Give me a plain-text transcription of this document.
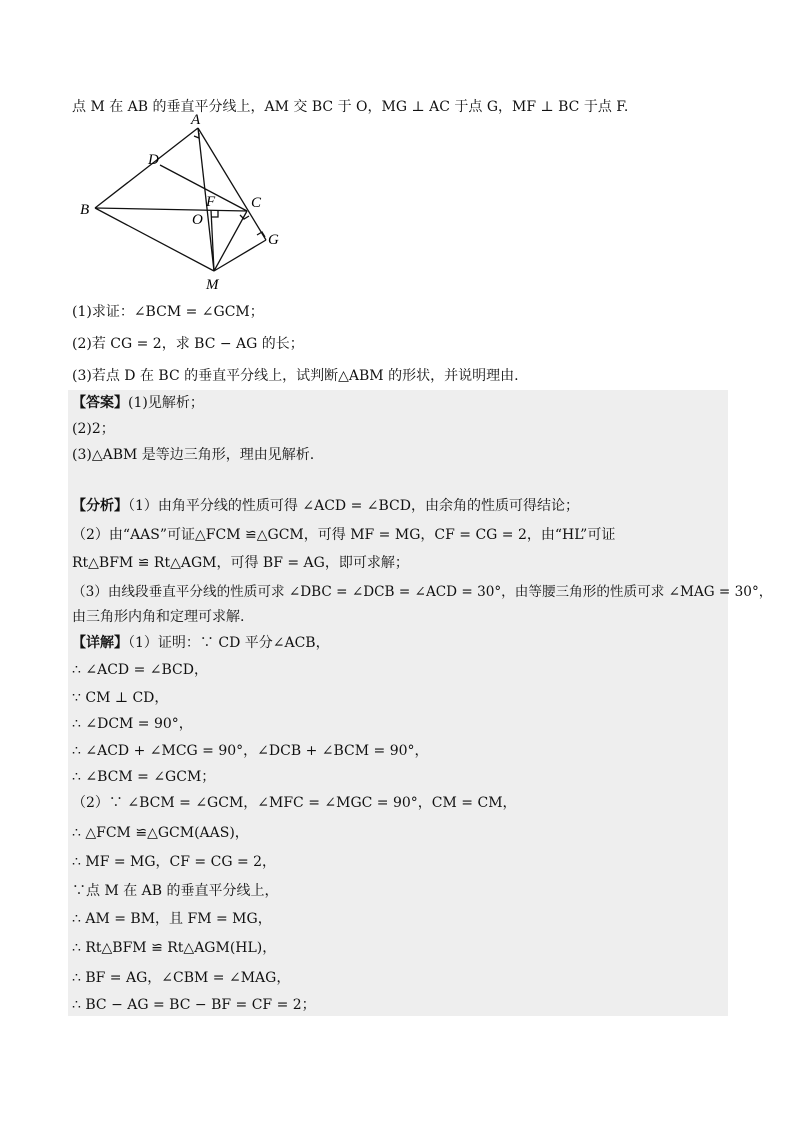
点 M 在 AB 的垂直平分线上，AM 交 BC 于 O，MG ⊥ AC 于点 G，MF ⊥ BC 于点 F.
A
D
B	F
O
C
G
M
(1)求证：∠BCM = ∠GCM；
(2)若 CG = 2，求 BC − AG 的长；
(3)若点 D 在 BC 的垂直平分线上，试判断△ABM 的形状，并说明理由.
【答案】(1)见解析；
(2)2；
(3)△ABM 是等边三角形，理由见解析.
【分析】（1）由角平分线的性质可得 ∠ACD = ∠BCD，由余角的性质可得结论；
（2）由“AAS”可证△FCM ≌△GCM，可得 MF = MG，CF = CG = 2，由“HL”可证
Rt△BFM ≌ Rt△AGM，可得 BF = AG，即可求解；
（3）由线段垂直平分线的性质可求 ∠DBC = ∠DCB = ∠ACD = 30°，由等腰三角形的性质可求 ∠MAG = 30°，
由三角形内角和定理可求解.
【详解】（1）证明：∵ CD 平分∠ACB，
∴ ∠ACD = ∠BCD，
∵ CM ⊥ CD，
∴ ∠DCM = 90°，
∴ ∠ACD + ∠MCG = 90°，∠DCB + ∠BCM = 90°，
∴ ∠BCM = ∠GCM；
（2）∵ ∠BCM = ∠GCM，∠MFC = ∠MGC = 90°，CM = CM，
∴ △FCM ≌△GCM(AAS)，
∴ MF = MG，CF = CG = 2，
∵点 M 在 AB 的垂直平分线上，
∴ AM = BM，且 FM = MG，
∴ Rt△BFM ≌ Rt△AGM(HL)，
∴ BF = AG，∠CBM = ∠MAG，
∴ BC − AG = BC − BF = CF = 2；
